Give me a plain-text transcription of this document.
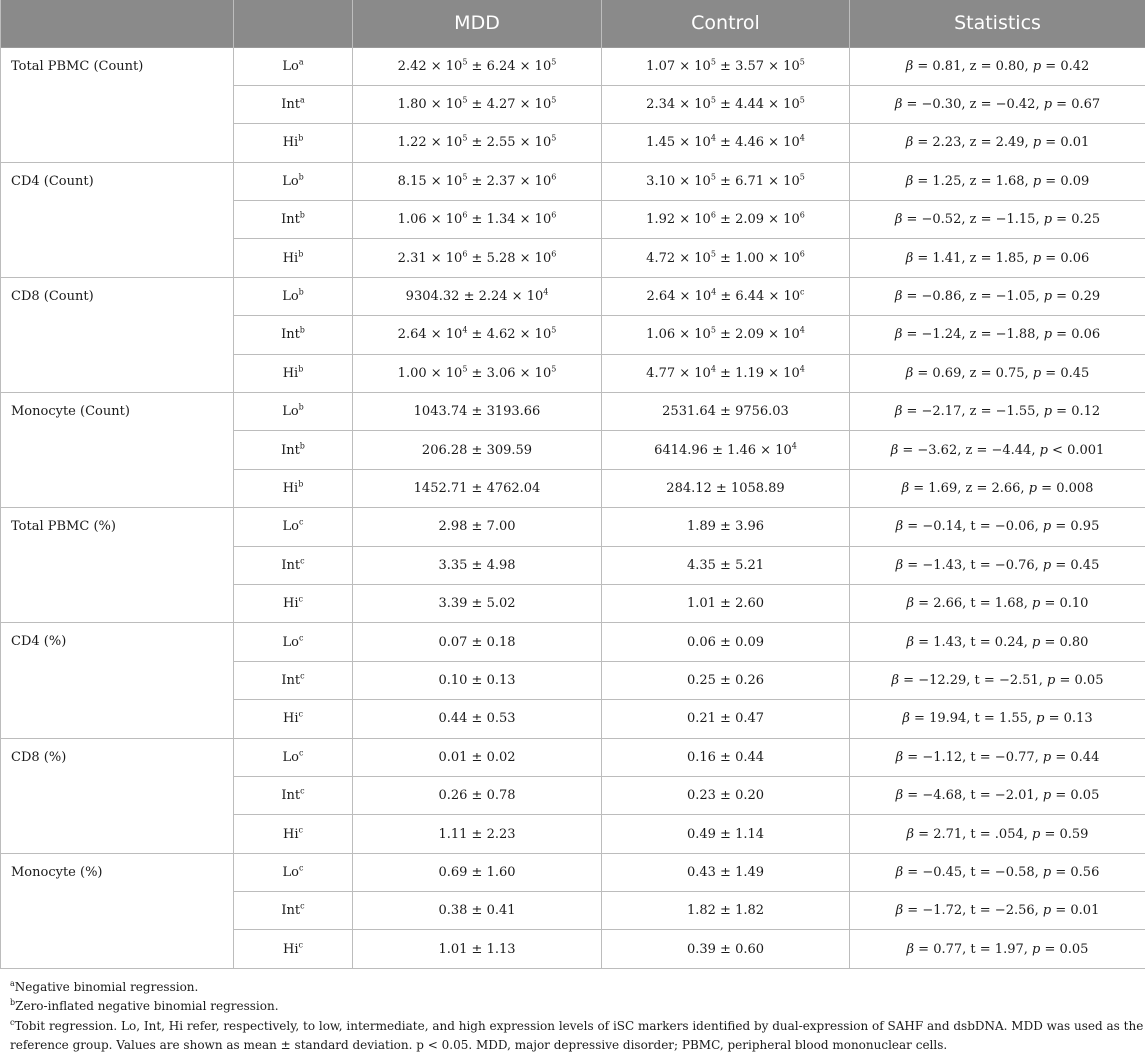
		MDD	Control	Statistics
Total PBMC (Count)	Lo$^a$	$2.42 \times 10^5 \pm 6.24 \times 10^5$	$1.07 \times 10^5 \pm 3.57 \times 10^5$	β = 0.81, z = 0.80, p = 0.42
	Int$^a$	$1.80 \times 10^5 \pm 4.27 \times 10^5$	$2.34 \times 10^5 \pm 4.44 \times 10^5$	β = −0.30, z = −0.42, p = 0.67
	Hi$^b$	$1.22 \times 10^5 \pm 2.55 \times 10^5$	$1.45 \times 10^4 \pm 4.46 \times 10^4$	β = 2.23, z = 2.49, p = 0.01
CD4 (Count)	Lo$^b$	$8.15 \times 10^5 \pm 2.37 \times 10^6$	$3.10 \times 10^5 \pm 6.71 \times 10^5$	β = 1.25, z = 1.68, p = 0.09
	Int$^b$	$1.06 \times 10^6 \pm 1.34 \times 10^6$	$1.92 \times 10^6 \pm 2.09 \times 10^6$	β = −0.52, z = −1.15, p = 0.25
	Hi$^b$	$2.31 \times 10^6 \pm 5.28 \times 10^6$	$4.72 \times 10^5 \pm 1.00 \times 10^6$	β = 1.41, z = 1.85, p = 0.06
CD8 (Count)	Lo$^b$	$9304.32 \pm 2.24 \times 10^4$	$2.64 \times 10^4 \pm 6.44 \times 10^c$	β = −0.86, z = −1.05, p = 0.29
	Int$^b$	$2.64 \times 10^4 \pm 4.62 \times 10^5$	$1.06 \times 10^5 \pm 2.09 \times 10^4$	β = −1.24, z = −1.88, p = 0.06
	Hi$^b$	$1.00 \times 10^5 \pm 3.06 \times 10^5$	$4.77 \times 10^4 \pm 1.19 \times 10^4$	β = 0.69, z = 0.75, p = 0.45
Monocyte (Count)	Lo$^b$	1043.74 ± 3193.66	2531.64 ± 9756.03	β = −2.17, z = −1.55, p = 0.12
	Int$^b$	206.28 ± 309.59	$6414.96 \pm 1.46 \times 10^4$	β = −3.62, z = −4.44, p < 0.001
	Hi$^b$	1452.71 ± 4762.04	284.12 ± 1058.89	β = 1.69, z = 2.66, p = 0.008
Total PBMC (%)	Lo$^c$	2.98 ± 7.00	1.89 ± 3.96	β = −0.14, t = −0.06, p = 0.95
	Int$^c$	3.35 ± 4.98	4.35 ± 5.21	β = −1.43, t = −0.76, p = 0.45
	Hi$^c$	3.39 ± 5.02	1.01 ± 2.60	β = 2.66, t = 1.68, p = 0.10
CD4 (%)	Lo$^c$	0.07 ± 0.18	0.06 ± 0.09	β = 1.43, t = 0.24, p = 0.80
	Int$^c$	0.10 ± 0.13	0.25 ± 0.26	β = −12.29, t = −2.51, p = 0.05
	Hi$^c$	0.44 ± 0.53	0.21 ± 0.47	β = 19.94, t = 1.55, p = 0.13
CD8 (%)	Lo$^c$	0.01 ± 0.02	0.16 ± 0.44	β = −1.12, t = −0.77, p = 0.44
	Int$^c$	0.26 ± 0.78	0.23 ± 0.20	β = −4.68, t = −2.01, p = 0.05
	Hi$^c$	1.11 ± 2.23	0.49 ± 1.14	β = 2.71, t = .054, p = 0.59
Monocyte (%)	Lo$^c$	0.69 ± 1.60	0.43 ± 1.49	β = −0.45, t = −0.58, p = 0.56
	Int$^c$	0.38 ± 0.41	1.82 ± 1.82	β = −1.72, t = −2.56, p = 0.01
	Hi$^c$	1.01 ± 1.13	0.39 ± 0.60	β = 0.77, t = 1.97, p = 0.05

$^a$Negative binomial regression.

$^b$Zero-inflated negative binomial regression.

$^c$Tobit regression. Lo, Int, Hi refer, respectively, to low, intermediate, and high expression levels of iSC markers identified by dual-expression of SAHF and dsbDNA. MDD was used as the reference group. Values are shown as mean ± standard deviation. p < 0.05. MDD, major depressive disorder; PBMC, peripheral blood mononuclear cells.
